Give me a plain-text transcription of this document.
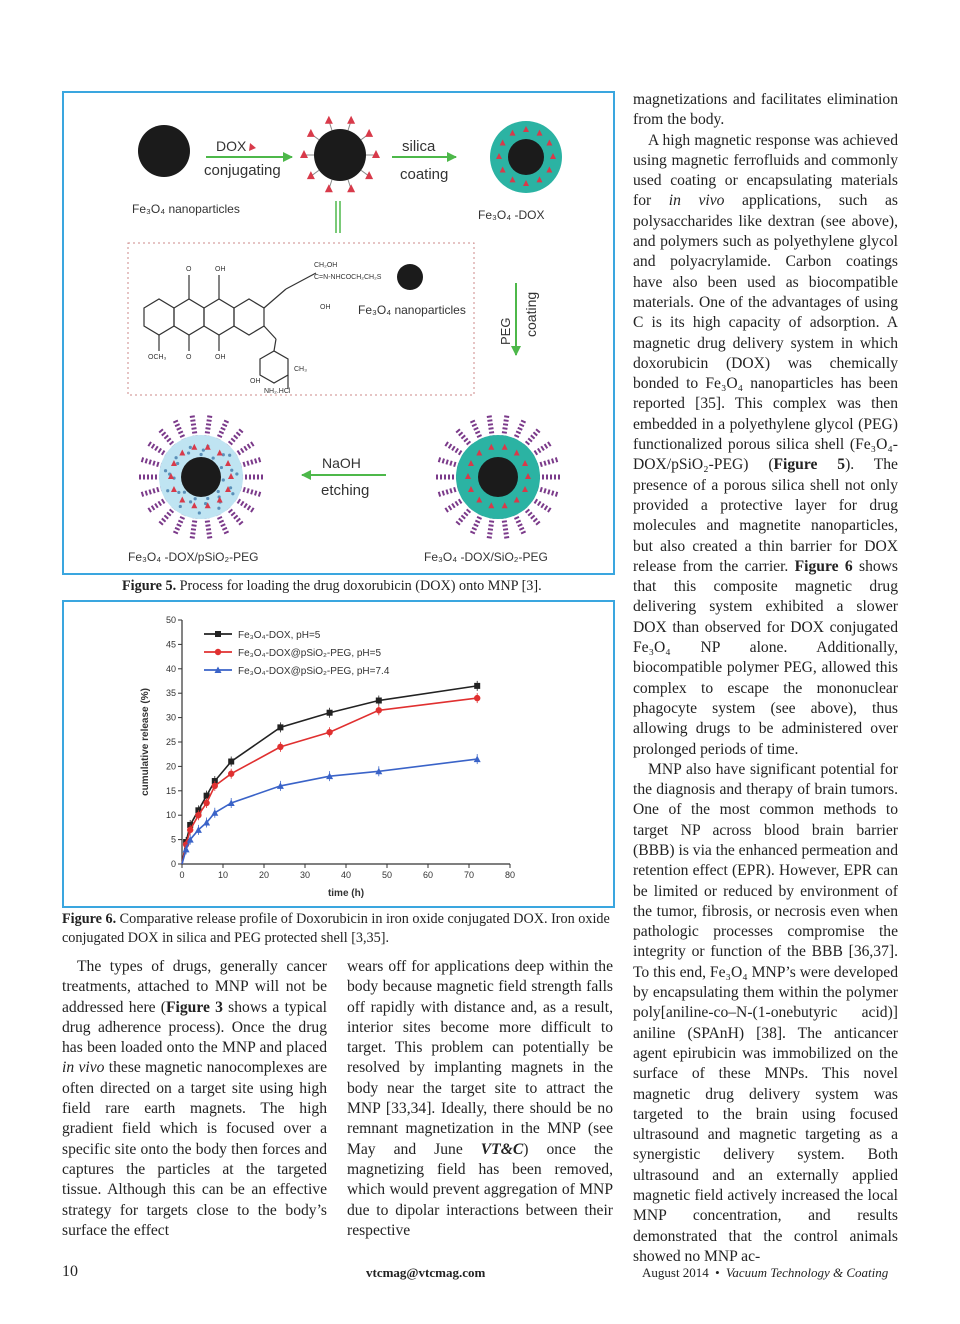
Fe₃O₄ nanoparticles
DOX
conjugating
silica
coating
Fe₃O₄ -DOX
O	OH
O	OH
OCH₃
CH₂OH
C=N-NHCOCH₂CH₂S
OH
CH₃
OH
NH₂.HCl
Fe₃O₄ nanoparticles
PEG coating
NaOH
etching
Fe₃O₄ -DOX/pSiO₂-PEG	Fe₃O₄ -DOX/SiO₂-PEG
Figure 5. Process for loading the drug doxorubicin (DOX) onto MNP [3].
0
5
10
15
20
25
30
35
40
45
50
0	10	20	30	40	50	60	70	80
time (h)
cumulative release (%)
Fe₃O₄-DOX, pH=5
Fe₃O₄-DOX@pSiO₂-PEG, pH=5
Fe₃O₄-DOX@pSiO₂-PEG, pH=7.4
Figure 6. Comparative release profile of Doxorubicin in iron oxide conjugated DOX. Iron oxide conjugated DOX in silica and PEG protected shell [3,35].

The types of drugs, generally cancer treatments, attached to MNP will not be addressed here (Figure 3 shows a typical drug adherence process). Once the drug has been loaded onto the MNP and placed in vivo these magnetic nanocomplexes are often directed on a target site using high field rare earth magnets. The high gradient field which is focused over a specific site onto the body then forces and captures the particles at the targeted tissue. Although this can be an effective strategy for targets close to the body’s surface the effect

wears off for applications deep within the body because magnetic field strength falls off rapidly with distance and, as a result, interior sites become more difficult to target. This problem can potentially be resolved by implanting magnets in the body near the target site to attract the MNP [33,34]. Ideally, there should be no remnant magnetization in the MNP (see May and June VT&C) once the magnetizing field has been removed, which would prevent aggregation of MNP due to dipolar interactions between their respective

magnetizations and facilitates elimination from the body.

A high magnetic response was achieved using magnetic ferrofluids and commonly used coating or encapsulating materials for in vivo applications, such as polysaccharides like dextran (see above), and polymers such as polyethylene glycol and polyacrylamide. Carbon coatings have also been used as biocompatible materials. One of the advantages of using C is its high capacity of adsorption. A magnetic drug delivery system in which doxorubicin (DOX) was chemically bonded to Fe₃O₄ nanoparticles has been reported [35]. This complex was then embedded in a polyethylene glycol (PEG) functionalized porous silica shell (Fe₃O₄-DOX/pSiO₂-PEG) (Figure 5). The presence of a porous silica shell not only provided a protective layer for drug molecules and magnetite nanoparticles, but also created a thin barrier for DOX release from the carrier. Figure 6 shows that this composite magnetic drug delivering system exhibited a slower DOX than observed for DOX conjugated Fe₃O₄ NP alone. Additionally, biocompatible polymer PEG, allowed this complex to escape the mononuclear phagocyte system (see above), thus allowing drugs to be administered over prolonged periods of time.

MNP also have significant potential for the diagnosis and therapy of brain tumors. One of the most common methods to target NP across blood brain barrier (BBB) is via the enhanced permeation and retention effect (EPR). However, EPR can be limited or reduced by environment of the tumor, fibrosis, or necrosis even when pathologic processes compromise the integrity or function of the BBB [36,37]. To this end, Fe₃O₄ MNP’s were developed by encapsulating them within the polymer poly[aniline-co–N-(1-onebutyric acid)] aniline (SPAnH) [38]. The anticancer agent epirubicin was immobilized on the surface of these MNPs. This novel magnetic drug delivery system was targeted to the brain using focused ultrasound and magnetic targeting as a synergistic delivery system. Both ultrasound and an externally applied magnetic field actively increased the local MNP concentration, and results demonstrated that the control animals showed no MNP ac-

10	vtcmag@vtcmag.com	August 2014 • Vacuum Technology & Coating
